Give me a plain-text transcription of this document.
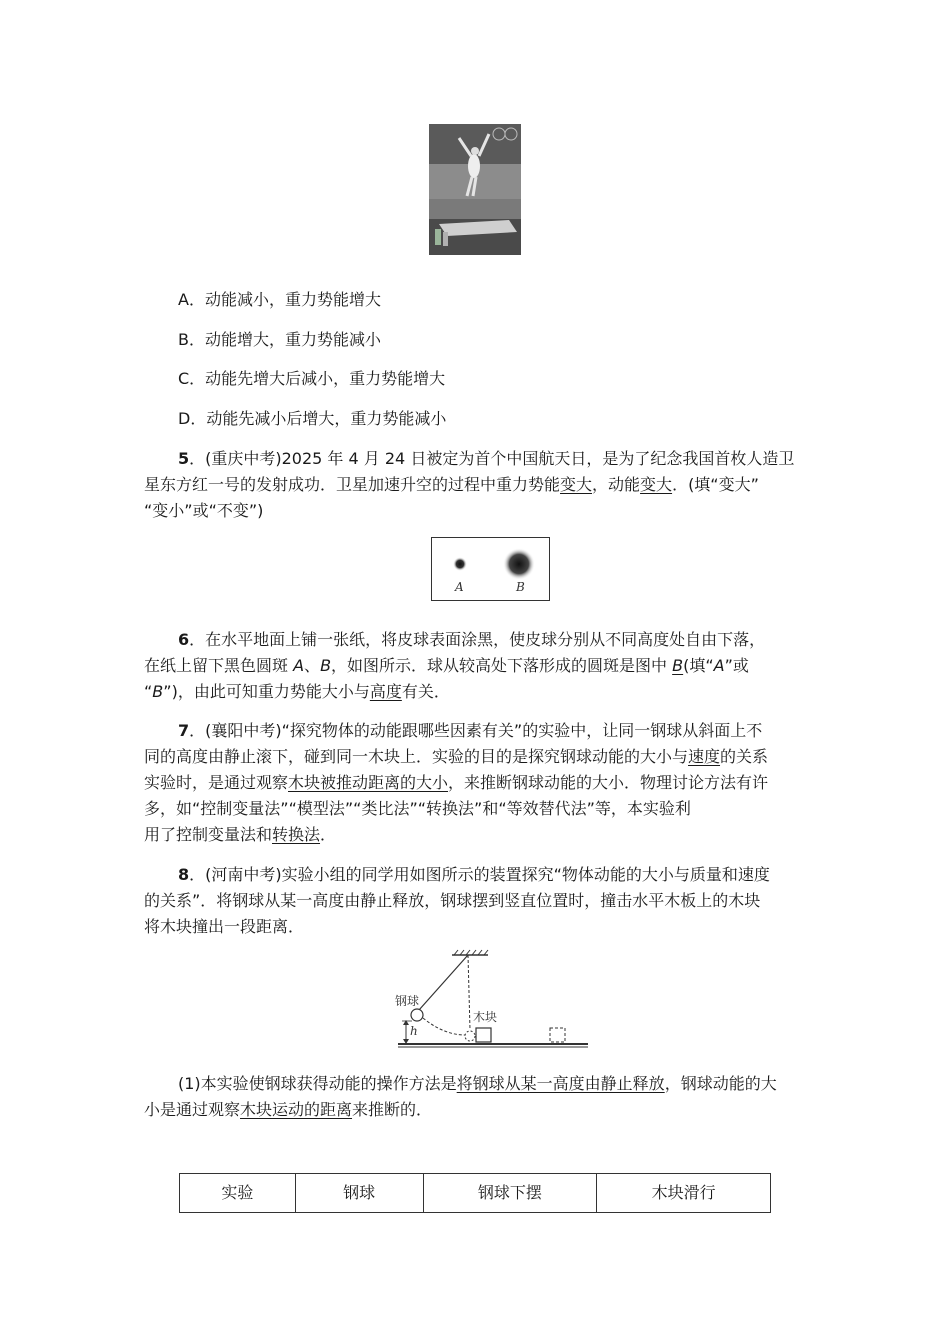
A．动能减小，重力势能增大
B．动能增大，重力势能减小
C．动能先增大后减小，重力势能增大
D．动能先减小后增大，重力势能减小
5．(重庆中考)2025 年 4 月 24 日被定为首个中国航天日，是为了纪念我国首枚人造卫
星东方红一号的发射成功．卫星加速升空的过程中重力势能变大，动能变大．(填“变大”
“变小”或“不变”)
A	B
6．在水平地面上铺一张纸，将皮球表面涂黑，使皮球分别从不同高度处自由下落，
在纸上留下黑色圆斑 A、B，如图所示．球从较高处下落形成的圆斑是图中 B(填“A”或
“B”)，由此可知重力势能大小与高度有关．
7．(襄阳中考)“探究物体的动能跟哪些因素有关”的实验中，让同一钢球从斜面上不
同的高度由静止滚下，碰到同一木块上．实验的目的是探究钢球动能的大小与速度的关系
实验时，是通过观察木块被推动距离的大小，来推断钢球动能的大小．物理讨论方法有许
多，如“控制变量法”“模型法”“类比法”“转换法”和“等效替代法”等，本实验利
用了控制变量法和转换法．
8．(河南中考)实验小组的同学用如图所示的装置探究“物体动能的大小与质量和速度
的关系”．将钢球从某一高度由静止释放，钢球摆到竖直位置时，撞击水平木板上的木块
将木块撞出一段距离．
钢球
木块
h
(1)本实验使钢球获得动能的操作方法是将钢球从某一高度由静止释放，钢球动能的大
小是通过观察木块运动的距离来推断的．
实验	钢球	钢球下摆	木块滑行
